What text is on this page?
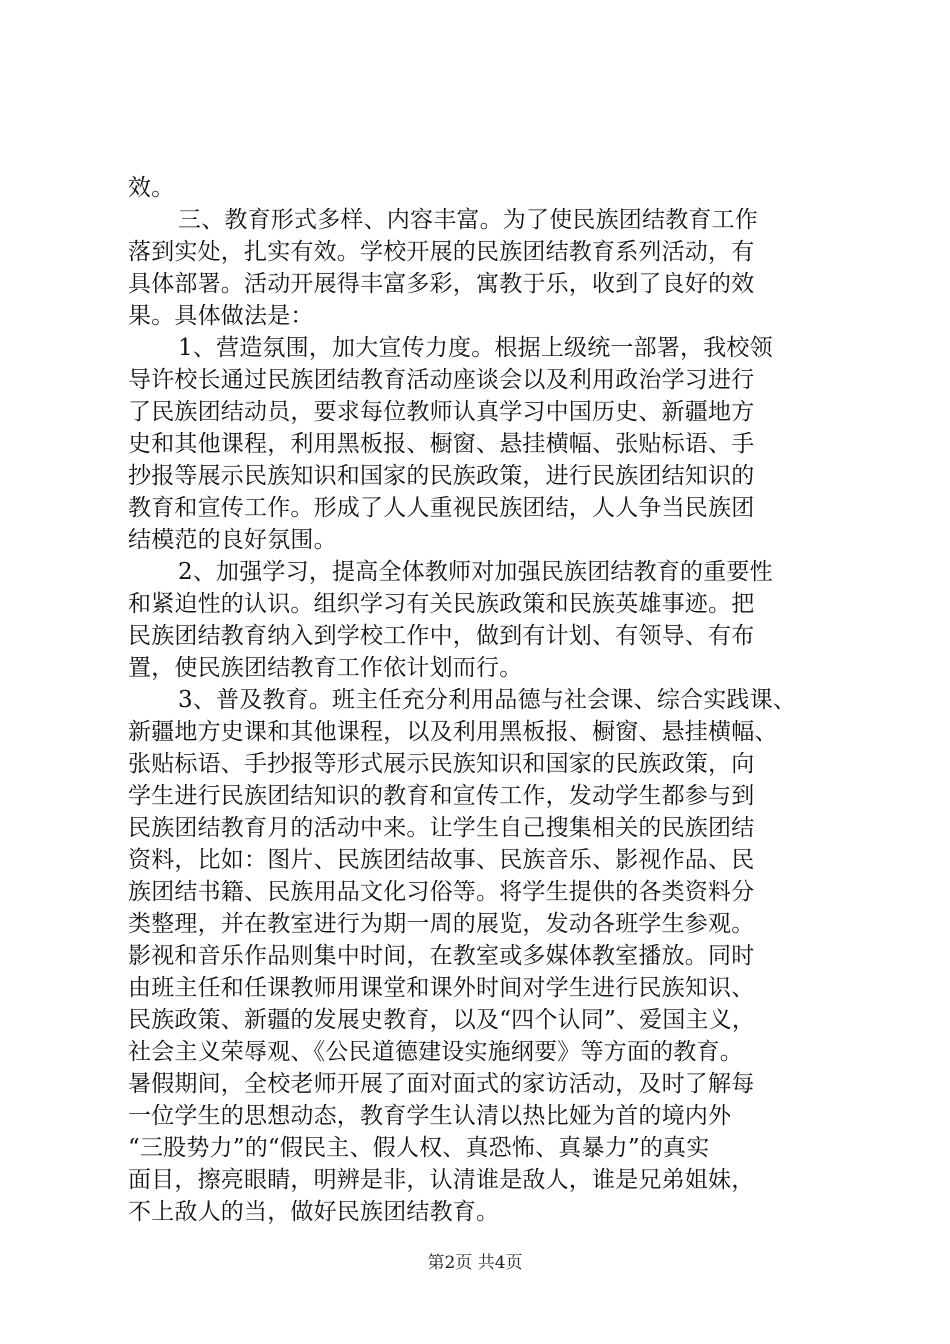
效。
三、教育形式多样、内容丰富。为了使民族团结教育工作
落到实处，扎实有效。学校开展的民族团结教育系列活动，有
具体部署。活动开展得丰富多彩，寓教于乐，收到了良好的效
果。具体做法是：
1、营造氛围，加大宣传力度。根据上级统一部署，我校领
导许校长通过民族团结教育活动座谈会以及利用政治学习进行
了民族团结动员，要求每位教师认真学习中国历史、新疆地方
史和其他课程，利用黑板报、橱窗、悬挂横幅、张贴标语、手
抄报等展示民族知识和国家的民族政策，进行民族团结知识的
教育和宣传工作。形成了人人重视民族团结，人人争当民族团
结模范的良好氛围。
2、加强学习，提高全体教师对加强民族团结教育的重要性
和紧迫性的认识。组织学习有关民族政策和民族英雄事迹。把
民族团结教育纳入到学校工作中，做到有计划、有领导、有布
置，使民族团结教育工作依计划而行。
3、普及教育。班主任充分利用品德与社会课、综合实践课、
新疆地方史课和其他课程，以及利用黑板报、橱窗、悬挂横幅、
张贴标语、手抄报等形式展示民族知识和国家的民族政策，向
学生进行民族团结知识的教育和宣传工作，发动学生都参与到
民族团结教育月的活动中来。让学生自己搜集相关的民族团结
资料，比如：图片、民族团结故事、民族音乐、影视作品、民
族团结书籍、民族用品文化习俗等。将学生提供的各类资料分
类整理，并在教室进行为期一周的展览，发动各班学生参观。
影视和音乐作品则集中时间，在教室或多媒体教室播放。同时
由班主任和任课教师用课堂和课外时间对学生进行民族知识、
民族政策、新疆的发展史教育，以及“四个认同”、爱国主义，
社会主义荣辱观、《公民道德建设实施纲要》等方面的教育。
暑假期间，全校老师开展了面对面式的家访活动，及时了解每
一位学生的思想动态，教育学生认清以热比娅为首的境内外
“三股势力”的“假民主、假人权、真恐怖、真暴力”的真实
面目，擦亮眼睛，明辨是非，认清谁是敌人，谁是兄弟姐妹，
不上敌人的当，做好民族团结教育。
第2页 共4页
